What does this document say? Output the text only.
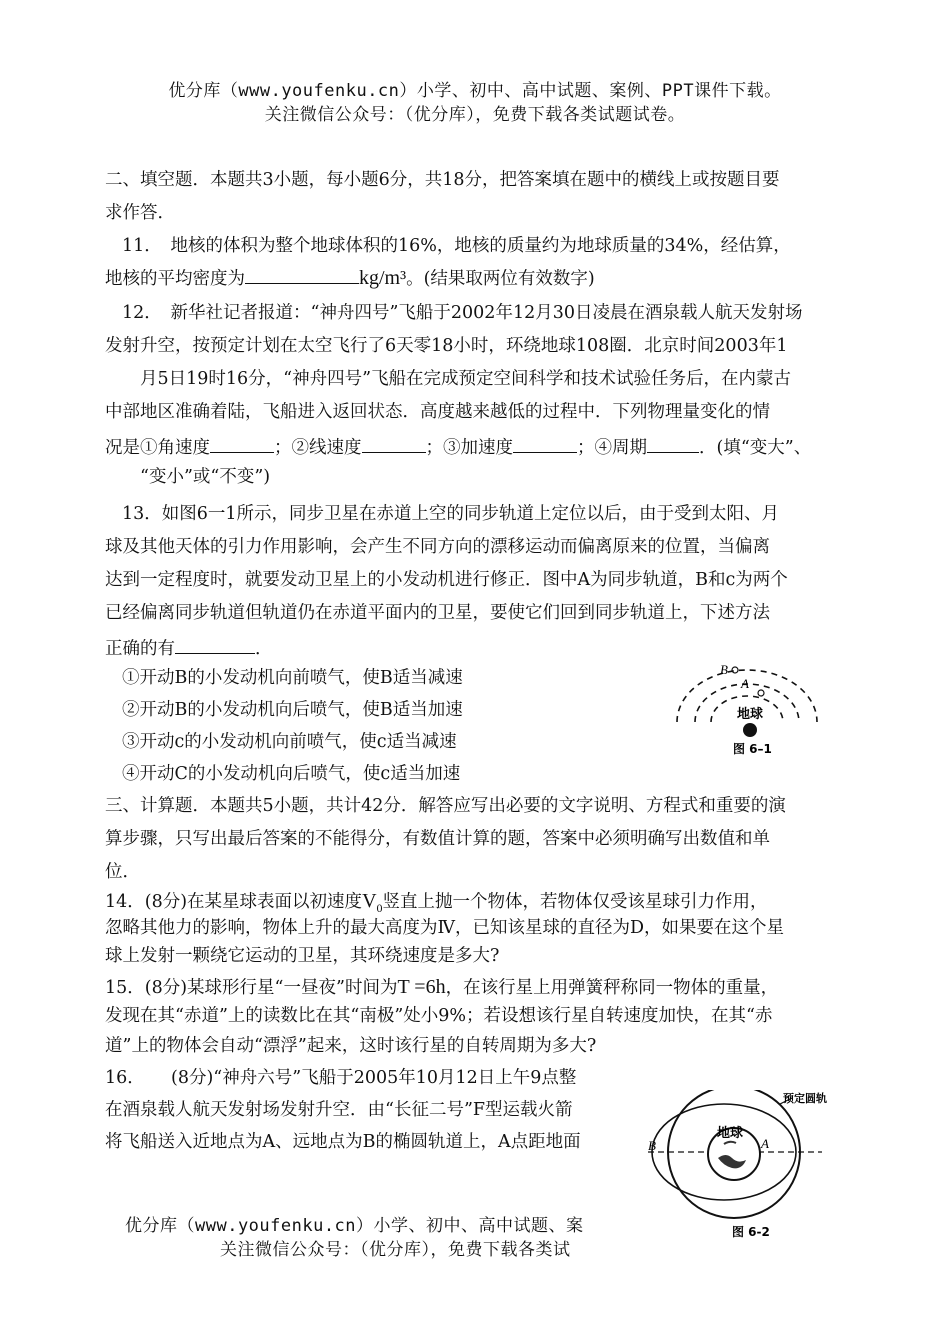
优分库（www.youfenku.cn）小学、初中、高中试题、案例、PPT课件下载。
关注微信公众号：（优分库），免费下载各类试题试卷。
二、填空题．本题共3小题，每小题6分，共18分，把答案填在题中的横线上或按题目要
求作答．
11．　地核的体积为整个地球体积的16%，地核的质量约为地球质量的34%，经估算，
地核的平均密度为	kg/m³。(结果取两位有效数字)
12．　新华社记者报道：“神舟四号”飞船于2002年12月30日凌晨在酒泉载人航天发射场
发射升空，按预定计划在太空飞行了6天零18小时，环绕地球108圈．北京时间2003年1
月5日19时16分，“神舟四号”飞船在完成预定空间科学和技术试验任务后，在内蒙古
中部地区准确着陆，飞船进入返回状态．高度越来越低的过程中．下列物理量变化的情
况是①角速度	；②线速度	；③加速度	；④周期	．(填“变大”、
“变小”或“不变”)
13．如图6一1所示，同步卫星在赤道上空的同步轨道上定位以后，由于受到太阳、月
球及其他天体的引力作用影响，会产生不同方向的漂移运动而偏离原来的位置，当偏离
达到一定程度时，就要发动卫星上的小发动机进行修正．图中A为同步轨道，B和c为两个
已经偏离同步轨道但轨道仍在赤道平面内的卫星，要使它们回到同步轨道上，下述方法
正确的有	．
①开动B的小发动机向前喷气，使B适当减速
②开动B的小发动机向后喷气，使B适当加速
③开动c的小发动机向前喷气，使c适当减速
④开动C的小发动机向后喷气，使c适当加速
B
A
地球
图 6–1
三、计算题．本题共5小题，共计42分．解答应写出必要的文字说明、方程式和重要的演
算步骤，只写出最后答案的不能得分，有数值计算的题，答案中必须明确写出数值和单
位．
14．(8分)在某星球表面以初速度$V_0$竖直上抛一个物体，若物体仅受该星球引力作用，
忽略其他力的影响，物体上升的最大高度为Ⅳ，已知该星球的直径为D，如果要在这个星
球上发射一颗绕它运动的卫星，其环绕速度是多大?
15．(8分)某球形行星“一昼夜”时间为T =6h，在该行星上用弹簧秤称同一物体的重量，
发现在其“赤道”上的读数比在其“南极”处小9%；若设想该行星自转速度加快，在其“赤
道”上的物体会自动“漂浮”起来，这时该行星的自转周期为多大?
16．　　(8分)“神舟六号”飞船于2005年10月12日上午9点整
在酒泉载人航天发射场发射升空．由“长征二号”F型运载火箭
将飞船送入近地点为A、远地点为B的椭圆轨道上，A点距地面	地球
B	A
预定圆轨
图 6-2
优分库（www.youfenku.cn）小学、初中、高中试题、案
关注微信公众号：（优分库），免费下载各类试
